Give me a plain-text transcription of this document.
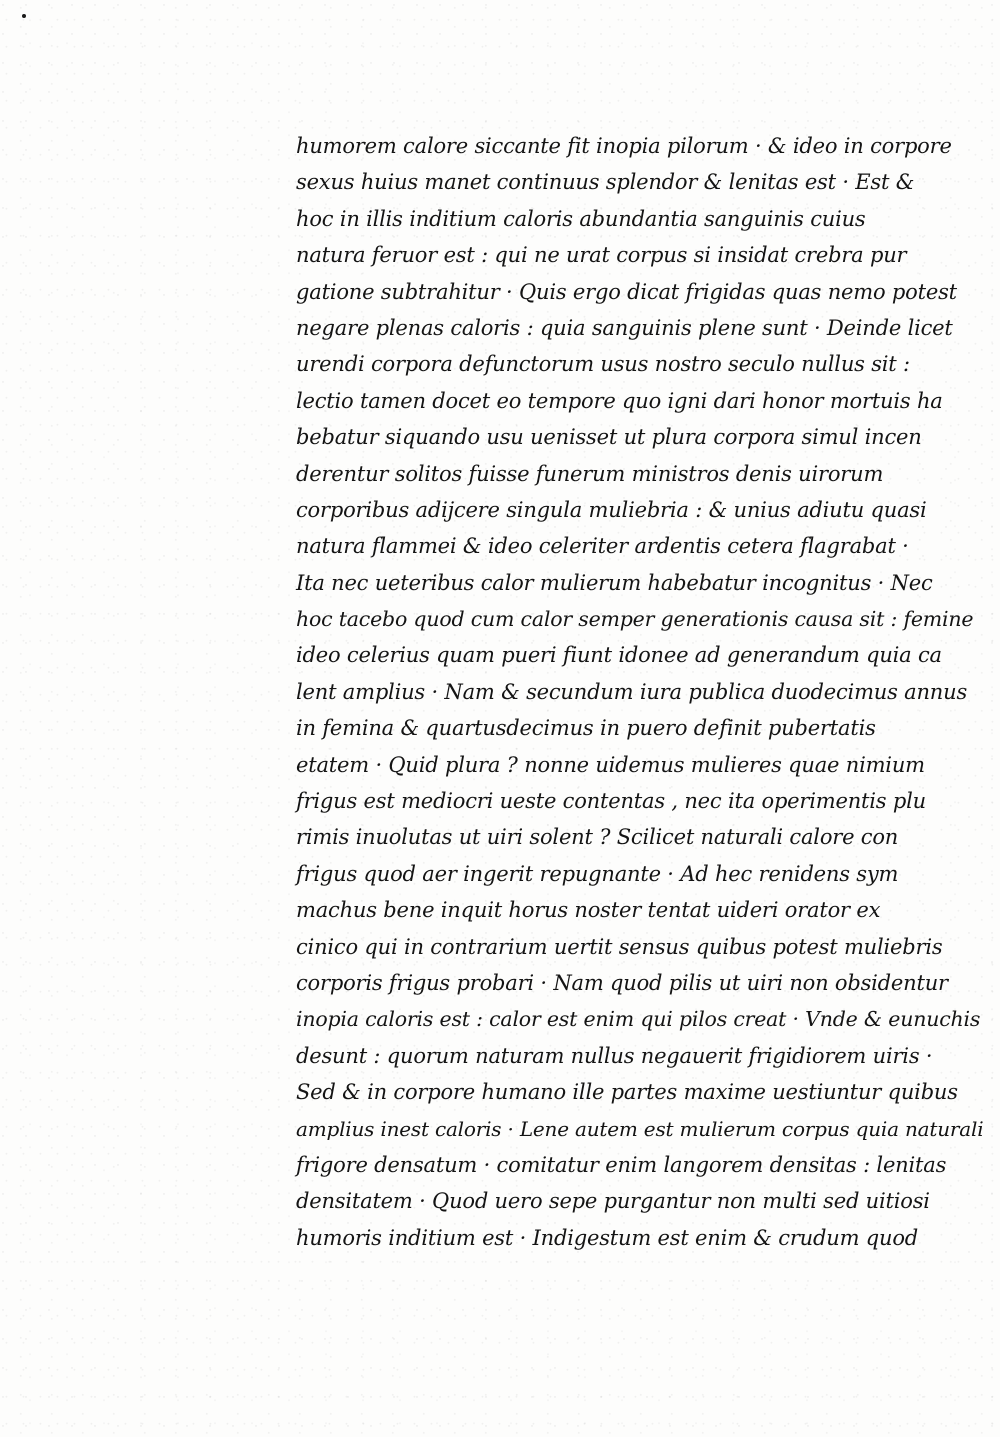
humorem calore siccante fit inopia pilorum · & ideo in corpore
sexus huius manet continuus splendor & lenitas est · Est &
hoc in illis inditium caloris abundantia sanguinis cuius
natura feruor est : qui ne urat corpus si insidat crebra pur
gatione subtrahitur · Quis ergo dicat frigidas quas nemo potest
negare plenas caloris : quia sanguinis plene sunt · Deinde licet
urendi corpora defunctorum usus nostro seculo nullus sit :
lectio tamen docet eo tempore quo igni dari honor mortuis ha
bebatur siquando usu uenisset ut plura corpora simul incen
derentur solitos fuisse funerum ministros denis uirorum
corporibus adijcere singula muliebria : & unius adiutu quasi
natura flammei & ideo celeriter ardentis cetera flagrabat ·
Ita nec ueteribus calor mulierum habebatur incognitus · Nec
hoc tacebo quod cum calor semper generationis causa sit : femine
ideo celerius quam pueri fiunt idonee ad generandum quia ca
lent amplius · Nam & secundum iura publica duodecimus annus
in femina & quartusdecimus in puero definit pubertatis
etatem · Quid plura ? nonne uidemus mulieres quae nimium
frigus est mediocri ueste contentas , nec ita operimentis plu
rimis inuolutas ut uiri solent ? Scilicet naturali calore con
frigus quod aer ingerit repugnante · Ad hec renidens sym
machus bene inquit horus noster tentat uideri orator ex
cinico qui in contrarium uertit sensus quibus potest muliebris
corporis frigus probari · Nam quod pilis ut uiri non obsidentur
inopia caloris est : calor est enim qui pilos creat · Vnde & eunuchis
desunt : quorum naturam nullus negauerit frigidiorem uiris ·
Sed & in corpore humano ille partes maxime uestiuntur quibus
amplius inest caloris · Lene autem est mulierum corpus quia naturali
frigore densatum · comitatur enim langorem densitas : lenitas
densitatem · Quod uero sepe purgantur non multi sed uitiosi
humoris inditium est · Indigestum est enim & crudum quod
